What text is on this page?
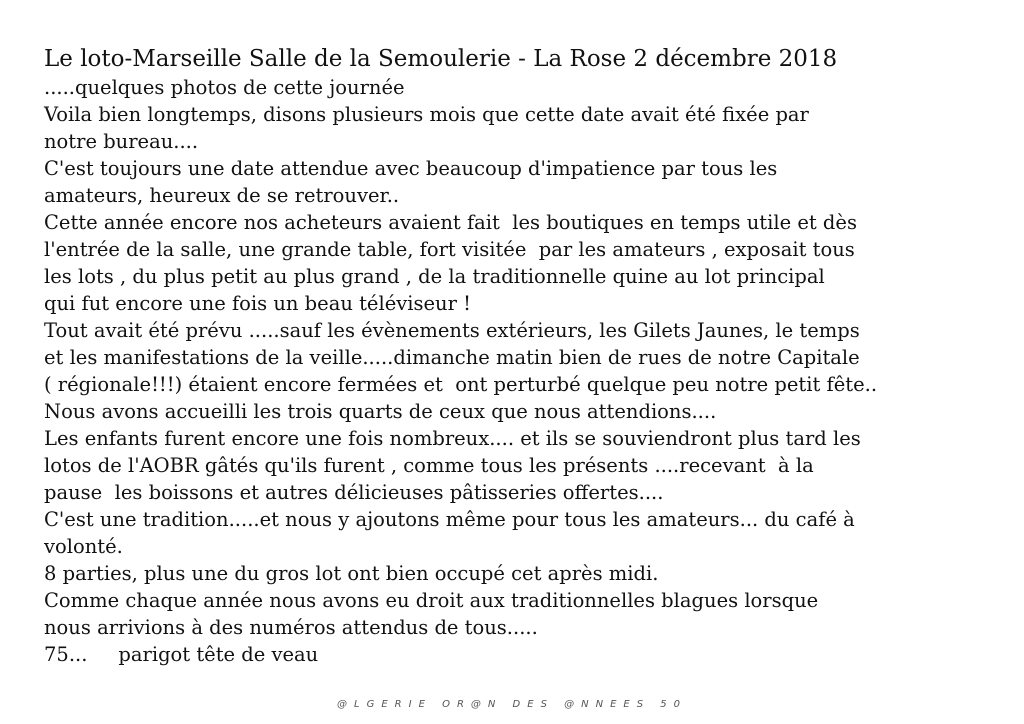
Le loto-Marseille Salle de la Semoulerie - La Rose 2 décembre 2018
.....quelques photos de cette journée
Voila bien longtemps, disons plusieurs mois que cette date avait été fixée par
notre bureau....
C'est toujours une date attendue avec beaucoup d'impatience par tous les
amateurs, heureux de se retrouver..
Cette année encore nos acheteurs avaient fait  les boutiques en temps utile et dès
l'entrée de la salle, une grande table, fort visitée  par les amateurs , exposait tous
les lots , du plus petit au plus grand , de la traditionnelle quine au lot principal
qui fut encore une fois un beau téléviseur !
Tout avait été prévu .....sauf les évènements extérieurs, les Gilets Jaunes, le temps
et les manifestations de la veille.....dimanche matin bien de rues de notre Capitale
( régionale!!!) étaient encore fermées et  ont perturbé quelque peu notre petit fête..
Nous avons accueilli les trois quarts de ceux que nous attendions....
Les enfants furent encore une fois nombreux.... et ils se souviendront plus tard les
lotos de l'AOBR gâtés qu'ils furent , comme tous les présents ....recevant  à la
pause  les boissons et autres délicieuses pâtisseries offertes....
C'est une tradition.....et nous y ajoutons même pour tous les amateurs... du café à
volonté.
8 parties, plus une du gros lot ont bien occupé cet après midi.
Comme chaque année nous avons eu droit aux traditionnelles blagues lorsque
nous arrivions à des numéros attendus de tous.....
75...     parigot tête de veau
@LGERIE OR@N DES @NNEES 50
